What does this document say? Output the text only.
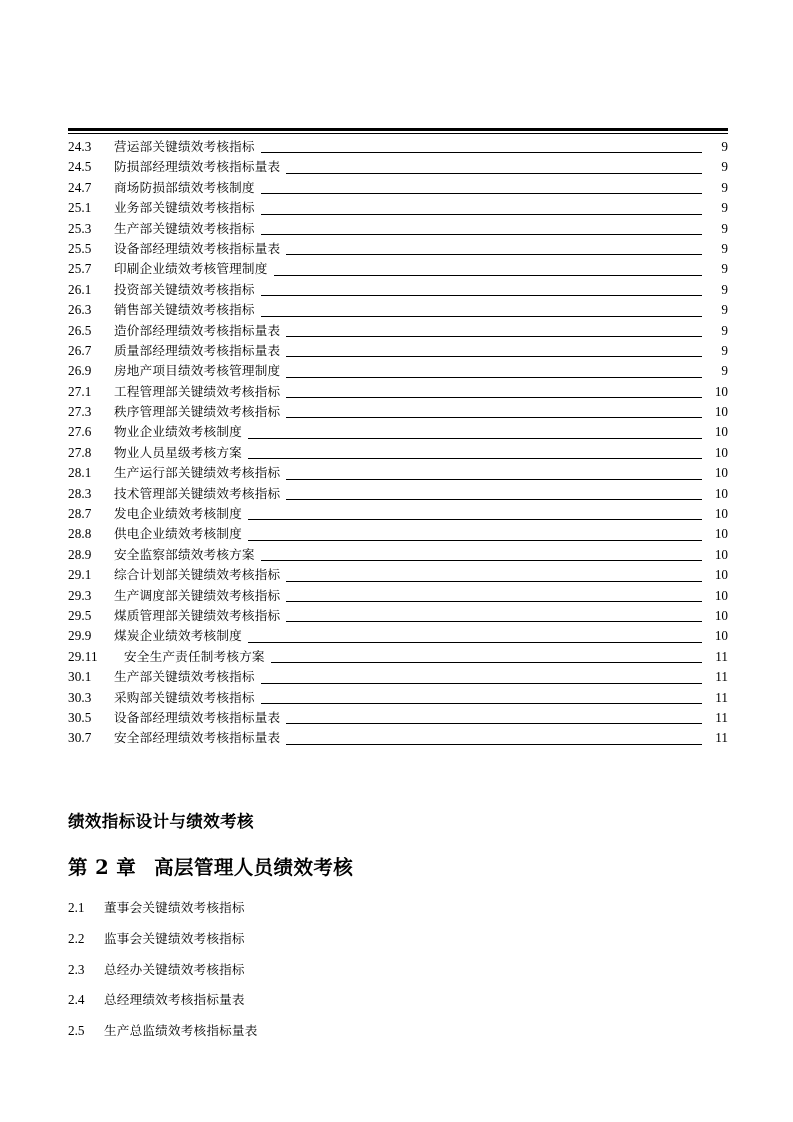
24.3	营运部关键绩效考核指标	9
24.5	防损部经理绩效考核指标量表	9
24.7	商场防损部绩效考核制度	9
25.1	业务部关键绩效考核指标	9
25.3	生产部关键绩效考核指标	9
25.5	设备部经理绩效考核指标量表	9
25.7	印刷企业绩效考核管理制度	9
26.1	投资部关键绩效考核指标	9
26.3	销售部关键绩效考核指标	9
26.5	造价部经理绩效考核指标量表	9
26.7	质量部经理绩效考核指标量表	9
26.9	房地产项目绩效考核管理制度	9
27.1	工程管理部关键绩效考核指标	10
27.3	秩序管理部关键绩效考核指标	10
27.6	物业企业绩效考核制度	10
27.8	物业人员星级考核方案	10
28.1	生产运行部关键绩效考核指标	10
28.3	技术管理部关键绩效考核指标	10
28.7	发电企业绩效考核制度	10
28.8	供电企业绩效考核制度	10
28.9	安全监察部绩效考核方案	10
29.1	综合计划部关键绩效考核指标	10
29.3	生产调度部关键绩效考核指标	10
29.5	煤质管理部关键绩效考核指标	10
29.9	煤炭企业绩效考核制度	10
29.11	安全生产责任制考核方案	11
30.1	生产部关键绩效考核指标	11
30.3	采购部关键绩效考核指标	11
30.5	设备部经理绩效考核指标量表	11
30.7	安全部经理绩效考核指标量表	11
绩效指标设计与绩效考核
第 2 章 高层管理人员绩效考核
2.1	董事会关键绩效考核指标
2.2	监事会关键绩效考核指标
2.3	总经办关键绩效考核指标
2.4	总经理绩效考核指标量表
2.5	生产总监绩效考核指标量表
